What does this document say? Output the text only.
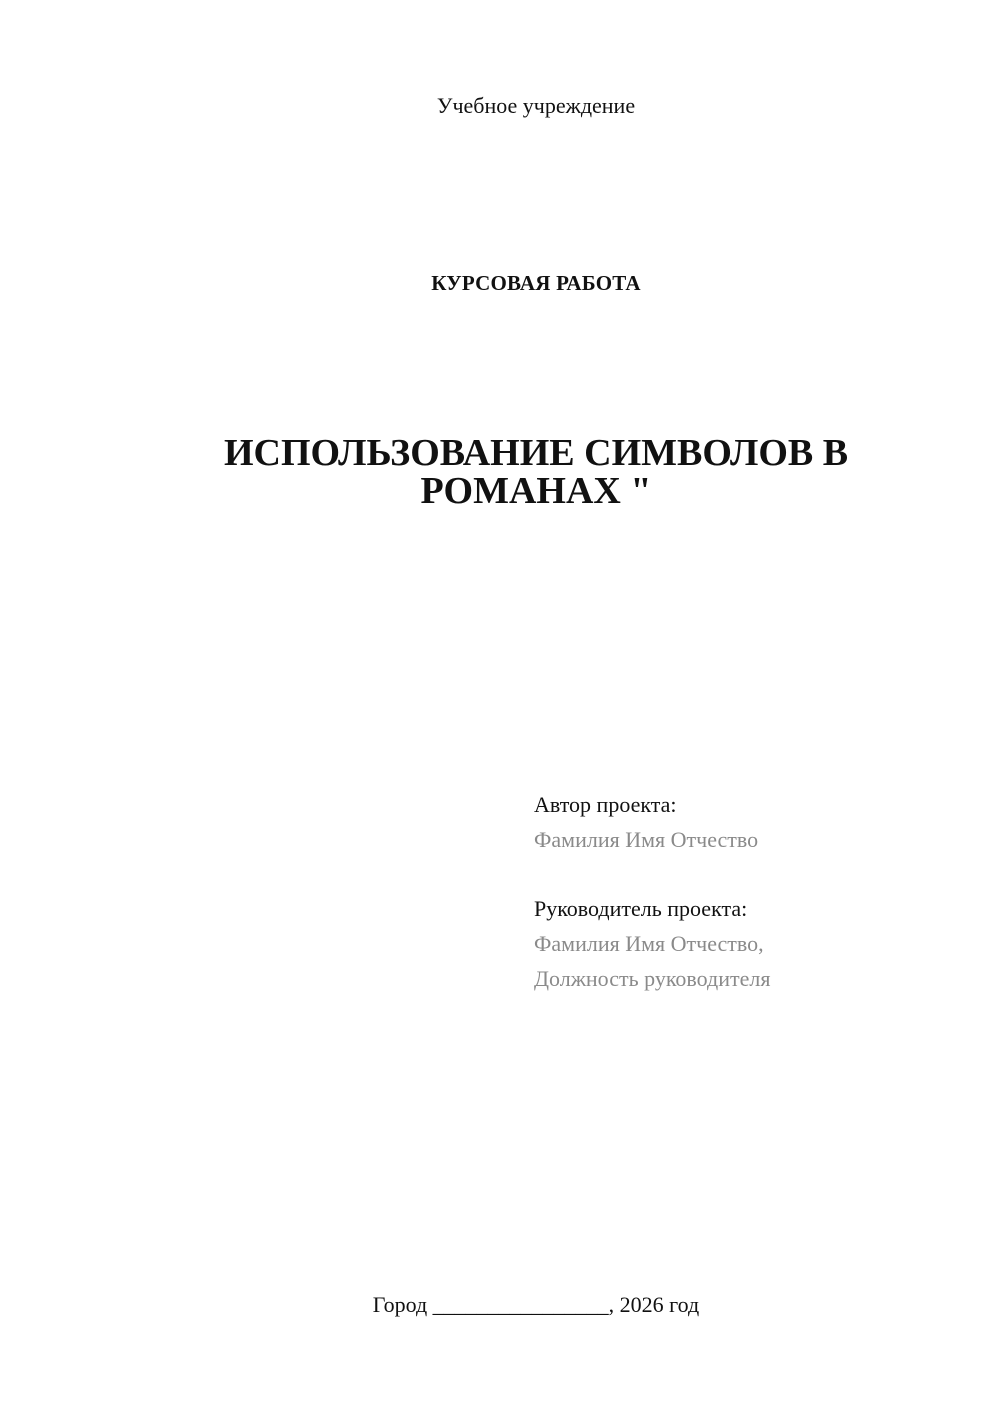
Учебное учреждение
КУРСОВАЯ РАБОТА
ИСПОЛЬЗОВАНИЕ СИМВОЛОВ В
РОМАНАХ "
Автор проекта:
Фамилия Имя Отчество
Руководитель проекта:
Фамилия Имя Отчество,
Должность руководителя
Город ________________, 2026 год
